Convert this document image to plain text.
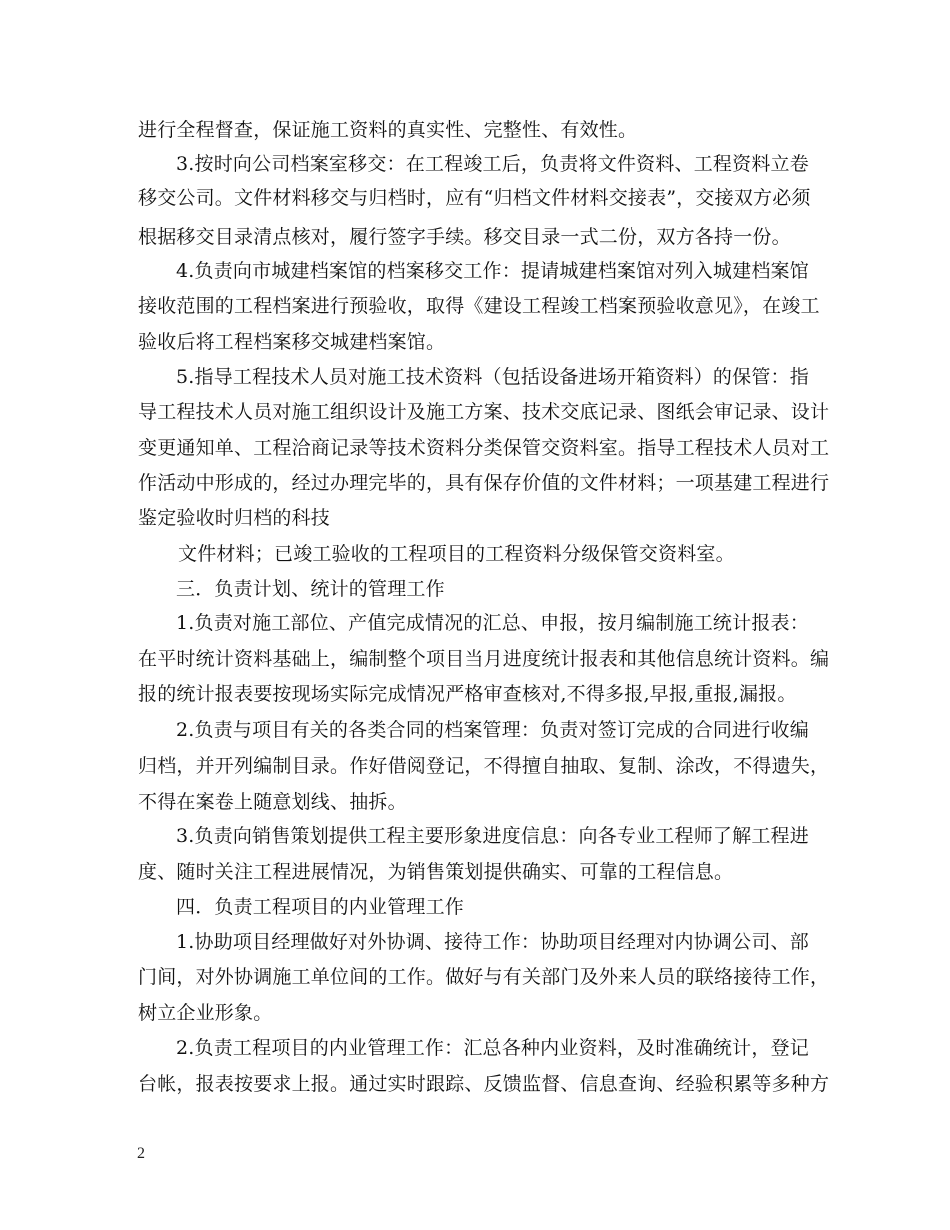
进行全程督查，保证施工资料的真实性、完整性、有效性。
3.按时向公司档案室移交：在工程竣工后，负责将文件资料、工程资料立卷
移交公司。文件材料移交与归档时，应有“归档文件材料交接表”，交接双方必须
根据移交目录清点核对，履行签字手续。移交目录一式二份，双方各持一份。
4.负责向市城建档案馆的档案移交工作：提请城建档案馆对列入城建档案馆
接收范围的工程档案进行预验收，取得《建设工程竣工档案预验收意见》，在竣工
验收后将工程档案移交城建档案馆。
5.指导工程技术人员对施工技术资料（包括设备进场开箱资料）的保管：指
导工程技术人员对施工组织设计及施工方案、技术交底记录、图纸会审记录、设计
变更通知单、工程洽商记录等技术资料分类保管交资料室。指导工程技术人员对工
作活动中形成的，经过办理完毕的，具有保存价值的文件材料；一项基建工程进行
鉴定验收时归档的科技
文件材料；已竣工验收的工程项目的工程资料分级保管交资料室。
三．负责计划、统计的管理工作
1.负责对施工部位、产值完成情况的汇总、申报，按月编制施工统计报表：
在平时统计资料基础上，编制整个项目当月进度统计报表和其他信息统计资料。编
报的统计报表要按现场实际完成情况严格审查核对,不得多报,早报,重报,漏报。
2.负责与项目有关的各类合同的档案管理：负责对签订完成的合同进行收编
归档，并开列编制目录。作好借阅登记，不得擅自抽取、复制、涂改，不得遗失，
不得在案卷上随意划线、抽拆。
3.负责向销售策划提供工程主要形象进度信息：向各专业工程师了解工程进
度、随时关注工程进展情况，为销售策划提供确实、可靠的工程信息。
四．负责工程项目的内业管理工作
1.协助项目经理做好对外协调、接待工作：协助项目经理对内协调公司、部
门间，对外协调施工单位间的工作。做好与有关部门及外来人员的联络接待工作，
树立企业形象。
2.负责工程项目的内业管理工作：汇总各种内业资料，及时准确统计，登记
台帐，报表按要求上报。通过实时跟踪、反馈监督、信息查询、经验积累等多种方
2
